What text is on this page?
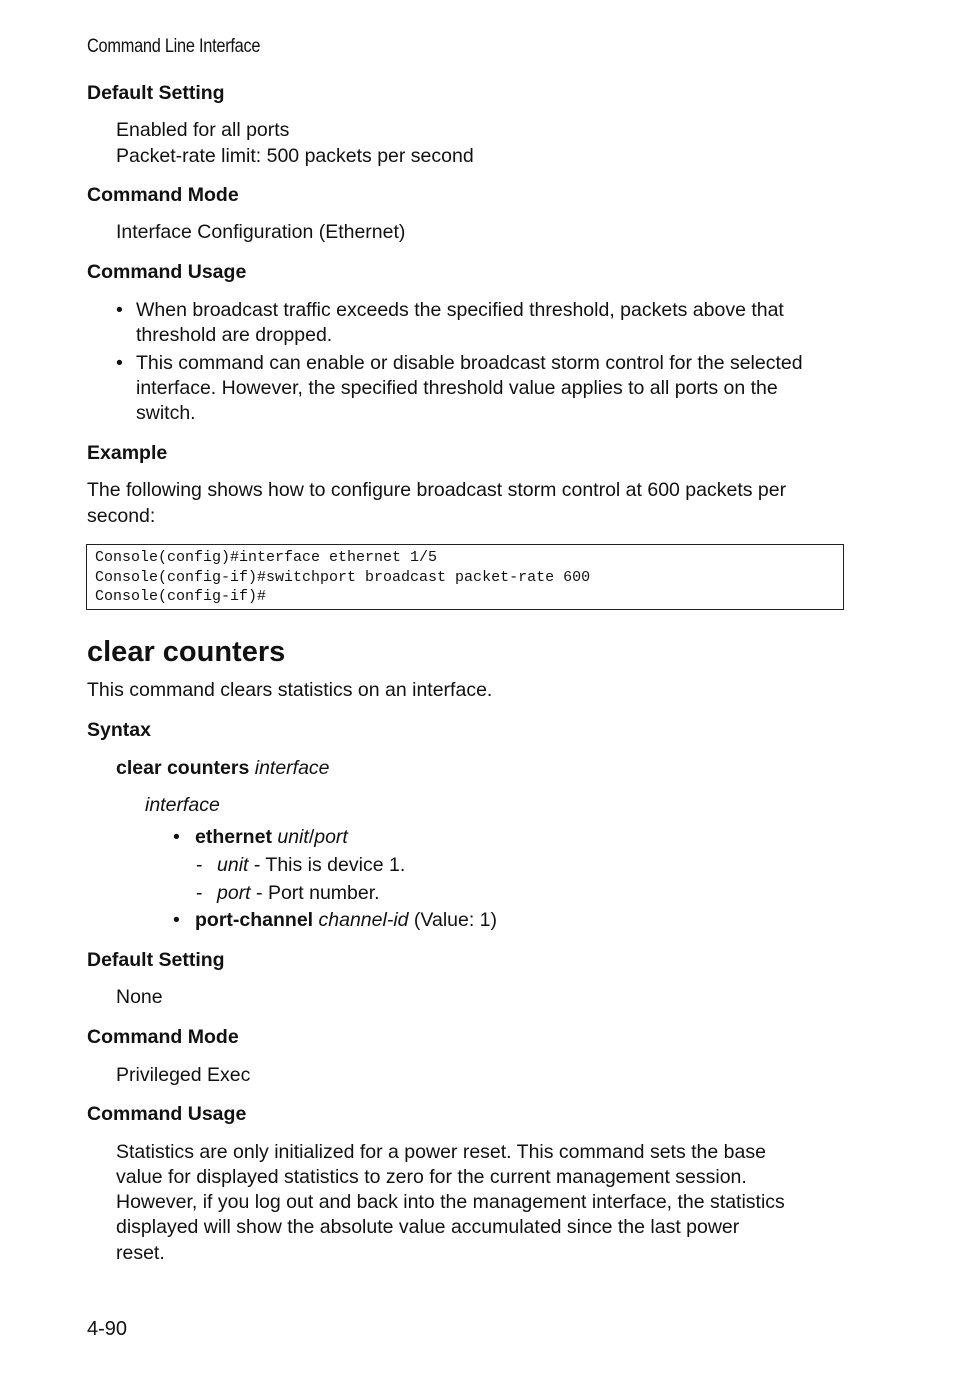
Command Line Interface
Default Setting
Enabled for all ports
Packet-rate limit: 500 packets per second
Command Mode
Interface Configuration (Ethernet)
Command Usage
• When broadcast traffic exceeds the specified threshold, packets above that
threshold are dropped.
• This command can enable or disable broadcast storm control for the selected
interface. However, the specified threshold value applies to all ports on the
switch.
Example
The following shows how to configure broadcast storm control at 600 packets per
second:
Console(config)#interface ethernet 1/5
Console(config-if)#switchport broadcast packet-rate 600
Console(config-if)#
clear counters
This command clears statistics on an interface.
Syntax
clear counters interface
interface
• ethernet unit/port
- unit - This is device 1.
- port - Port number.
• port-channel channel-id (Value: 1)
Default Setting
None
Command Mode
Privileged Exec
Command Usage
Statistics are only initialized for a power reset. This command sets the base
value for displayed statistics to zero for the current management session.
However, if you log out and back into the management interface, the statistics
displayed will show the absolute value accumulated since the last power
reset.
4-90
